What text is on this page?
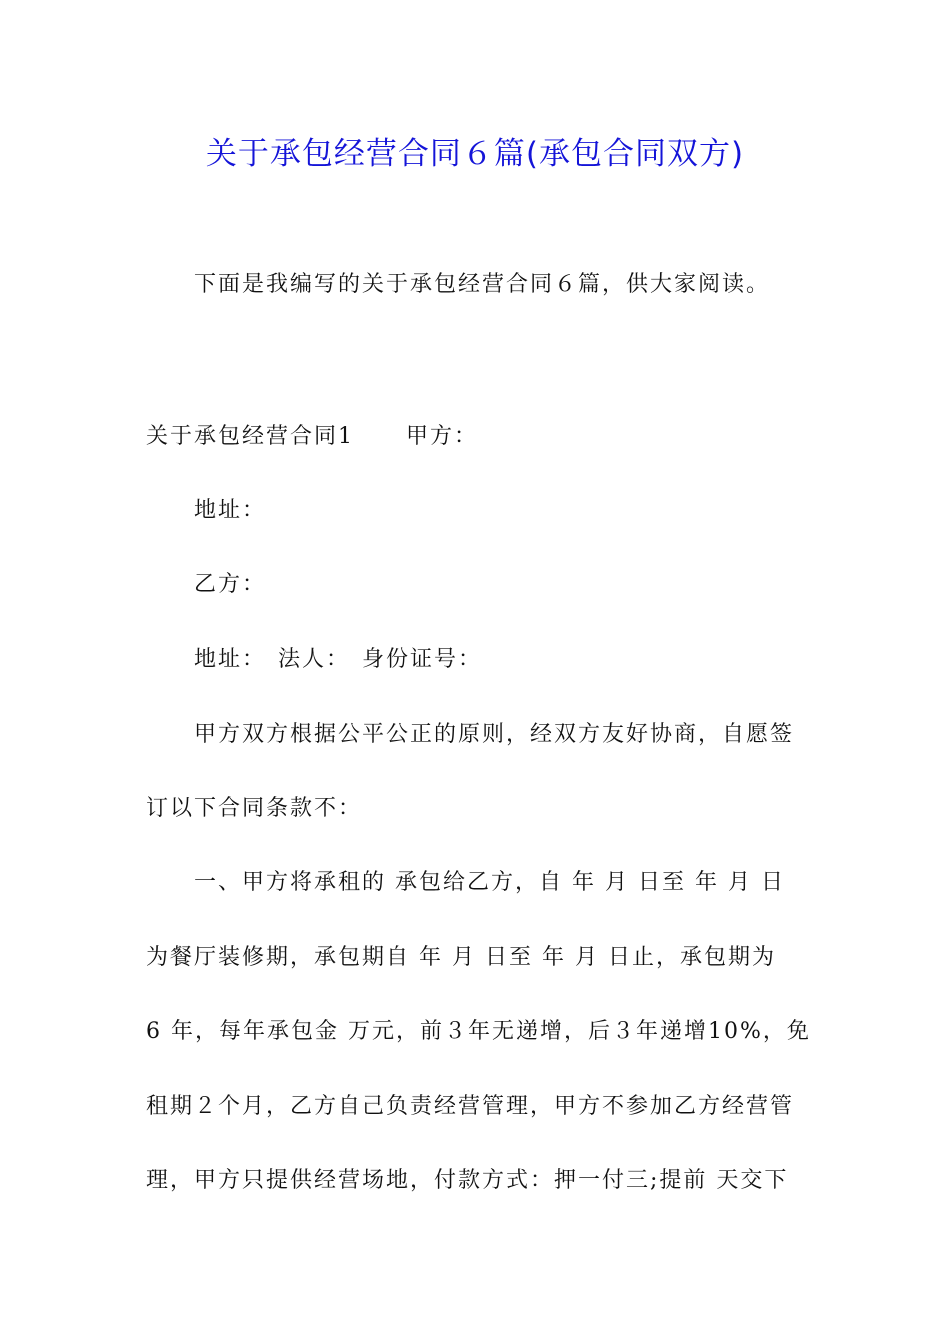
关于承包经营合同６篇(承包合同双方)
下面是我编写的关于承包经营合同６篇，供大家阅读。
关于承包经营合同1 甲方：
地址：
乙方：
地址： 法人： 身份证号：
甲方双方根据公平公正的原则，经双方友好协商，自愿签
订以下合同条款不：
一、甲方将承租的 承包给乙方，自 年 月 日至 年 月 日
为餐厅装修期，承包期自 年 月 日至 年 月 日止，承包期为
6 年，每年承包金 万元，前３年无递增，后３年递增10%，免
租期２个月，乙方自己负责经营管理，甲方不参加乙方经营管
理，甲方只提供经营场地，付款方式：押一付三;提前 天交下
